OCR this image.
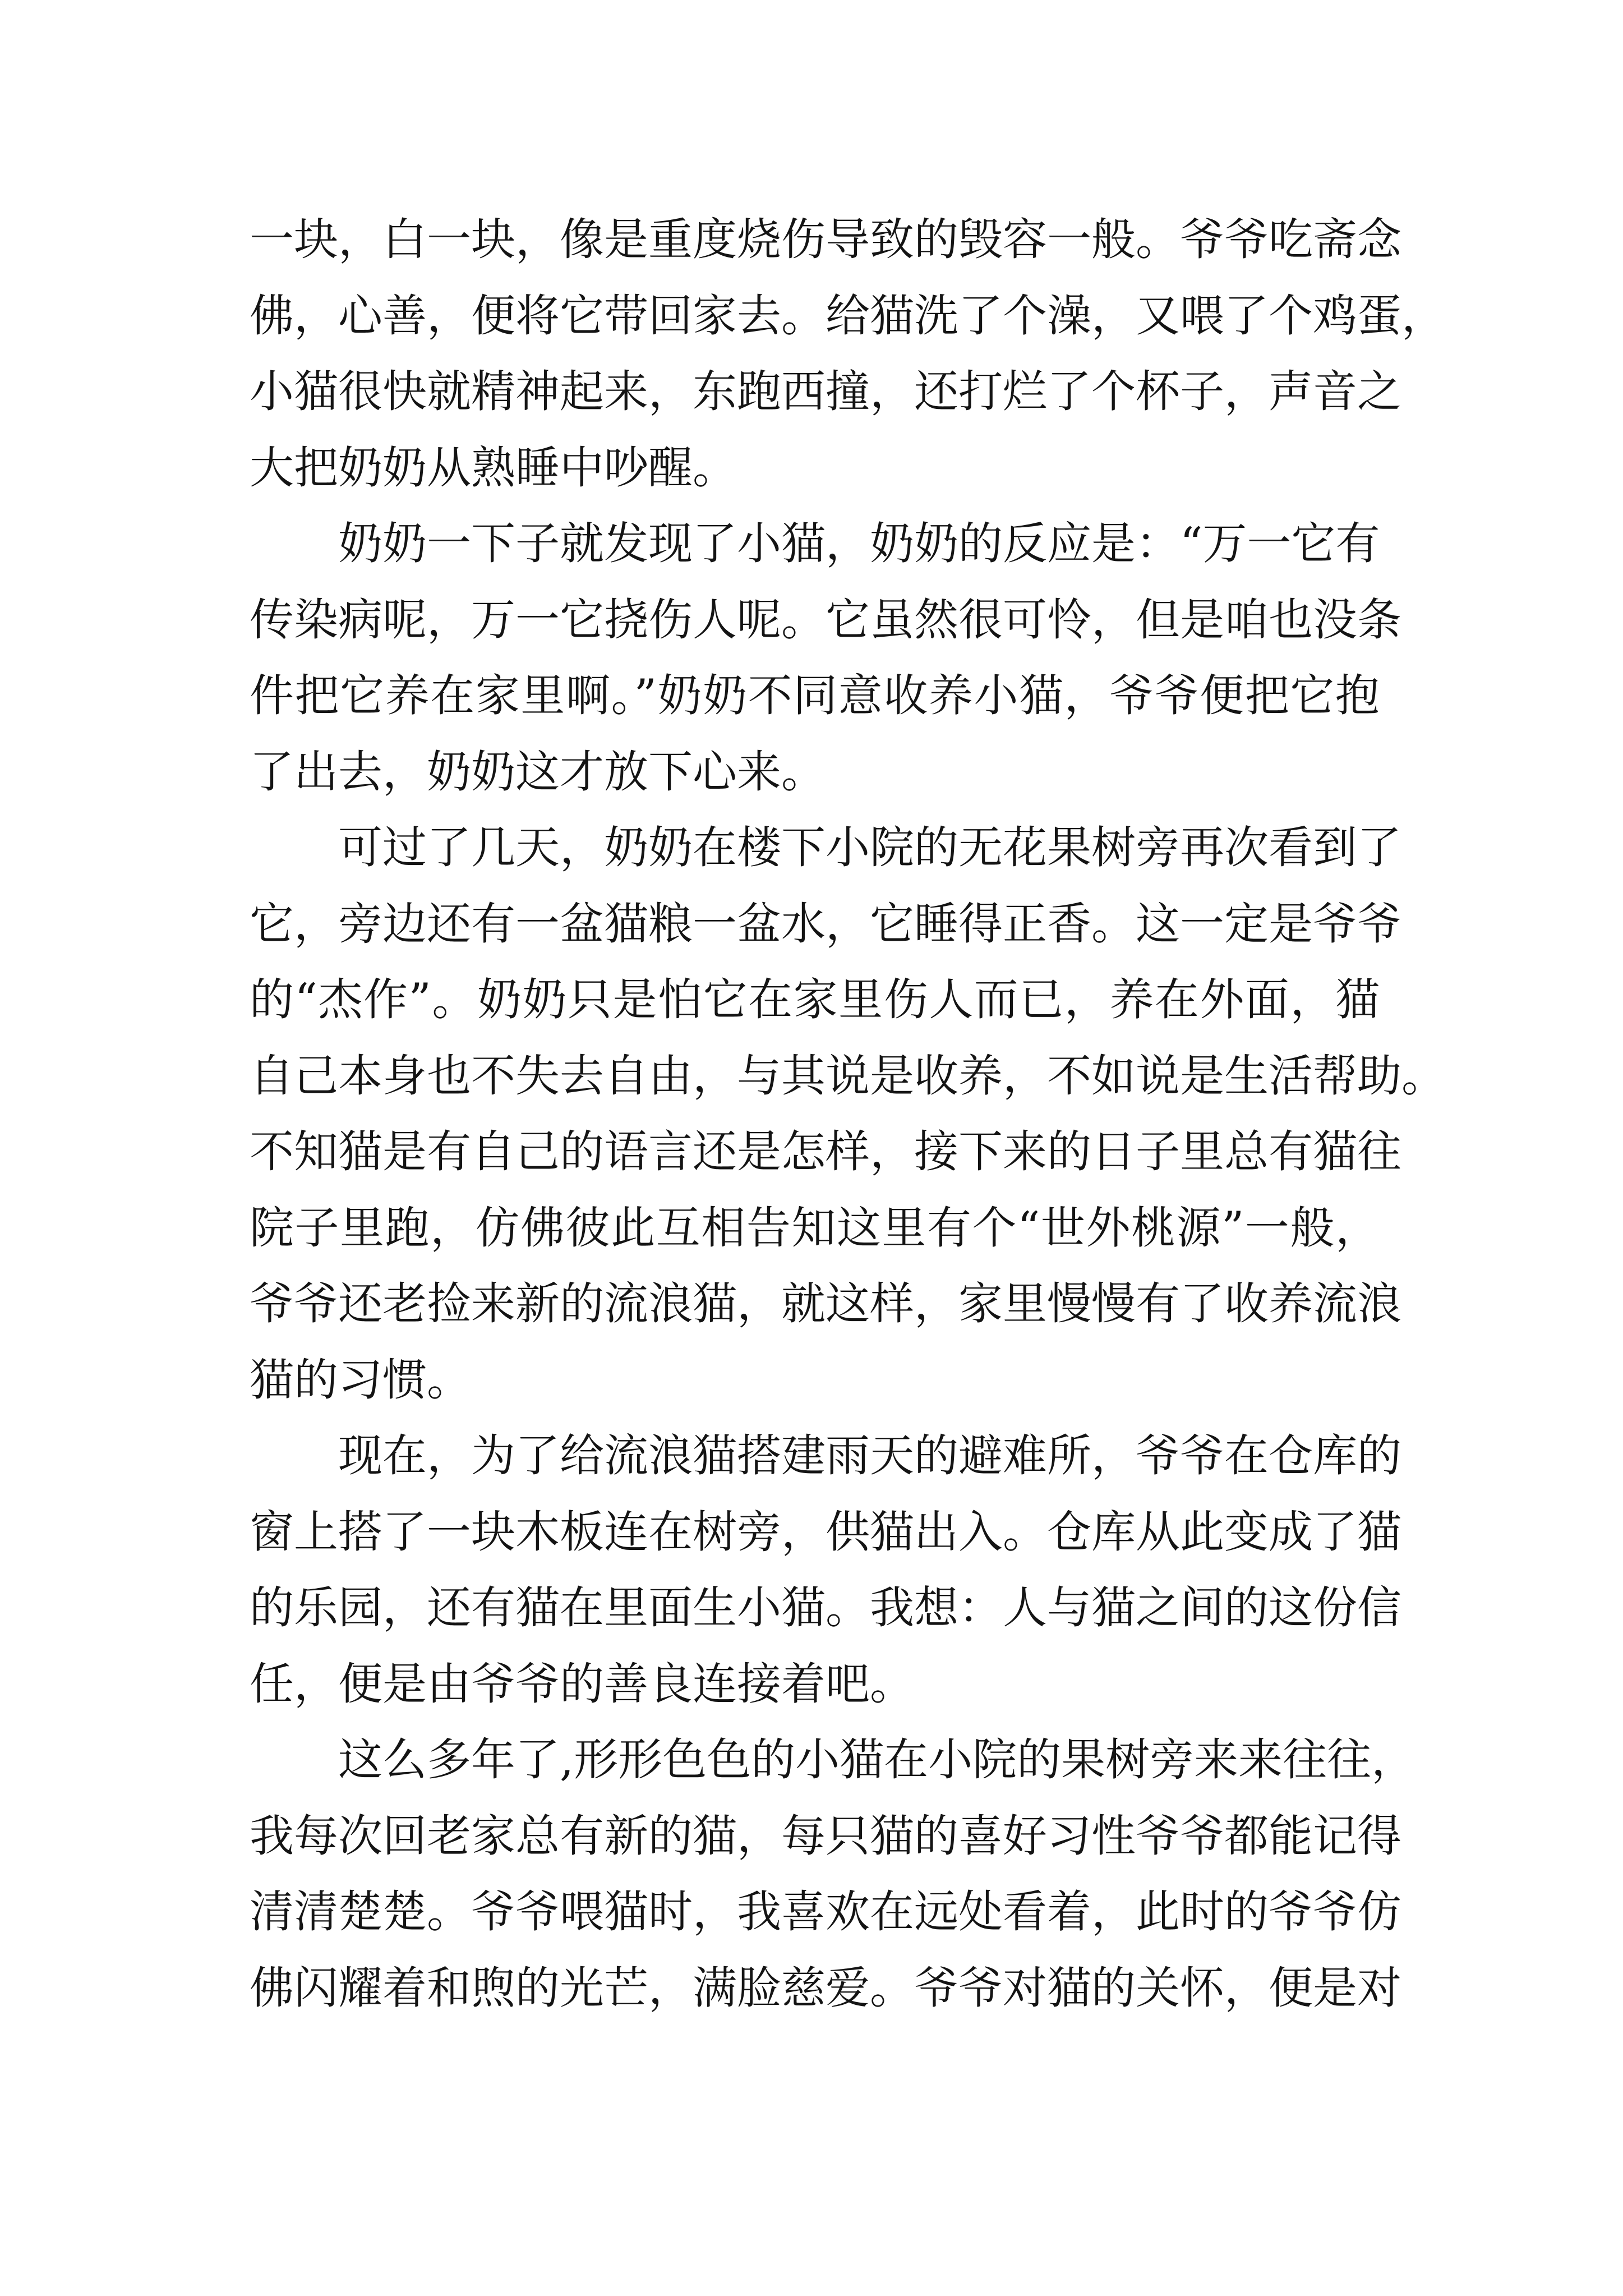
一块，白一块，像是重度烧伤导致的毁容一般。爷爷吃斋念
佛，心善，便将它带回家去。给猫洗了个澡，又喂了个鸡蛋，
小猫很快就精神起来，东跑西撞，还打烂了个杯子，声音之
大把奶奶从熟睡中吵醒。
　　奶奶一下子就发现了小猫，奶奶的反应是：“万一它有
传染病呢，万一它挠伤人呢。它虽然很可怜，但是咱也没条
件把它养在家里啊。”奶奶不同意收养小猫，爷爷便把它抱
了出去，奶奶这才放下心来。
　　可过了几天，奶奶在楼下小院的无花果树旁再次看到了
它，旁边还有一盆猫粮一盆水，它睡得正香。这一定是爷爷
的“杰作”。奶奶只是怕它在家里伤人而已，养在外面，猫
自己本身也不失去自由，与其说是收养，不如说是生活帮助。
不知猫是有自己的语言还是怎样，接下来的日子里总有猫往
院子里跑，仿佛彼此互相告知这里有个“世外桃源”一般，
爷爷还老捡来新的流浪猫，就这样，家里慢慢有了收养流浪
猫的习惯。
　　现在，为了给流浪猫搭建雨天的避难所，爷爷在仓库的
窗上搭了一块木板连在树旁，供猫出入。仓库从此变成了猫
的乐园，还有猫在里面生小猫。我想：人与猫之间的这份信
任，便是由爷爷的善良连接着吧。
　　这么多年了,形形色色的小猫在小院的果树旁来来往往，
我每次回老家总有新的猫，每只猫的喜好习性爷爷都能记得
清清楚楚。爷爷喂猫时，我喜欢在远处看着，此时的爷爷仿
佛闪耀着和煦的光芒，满脸慈爱。爷爷对猫的关怀，便是对
